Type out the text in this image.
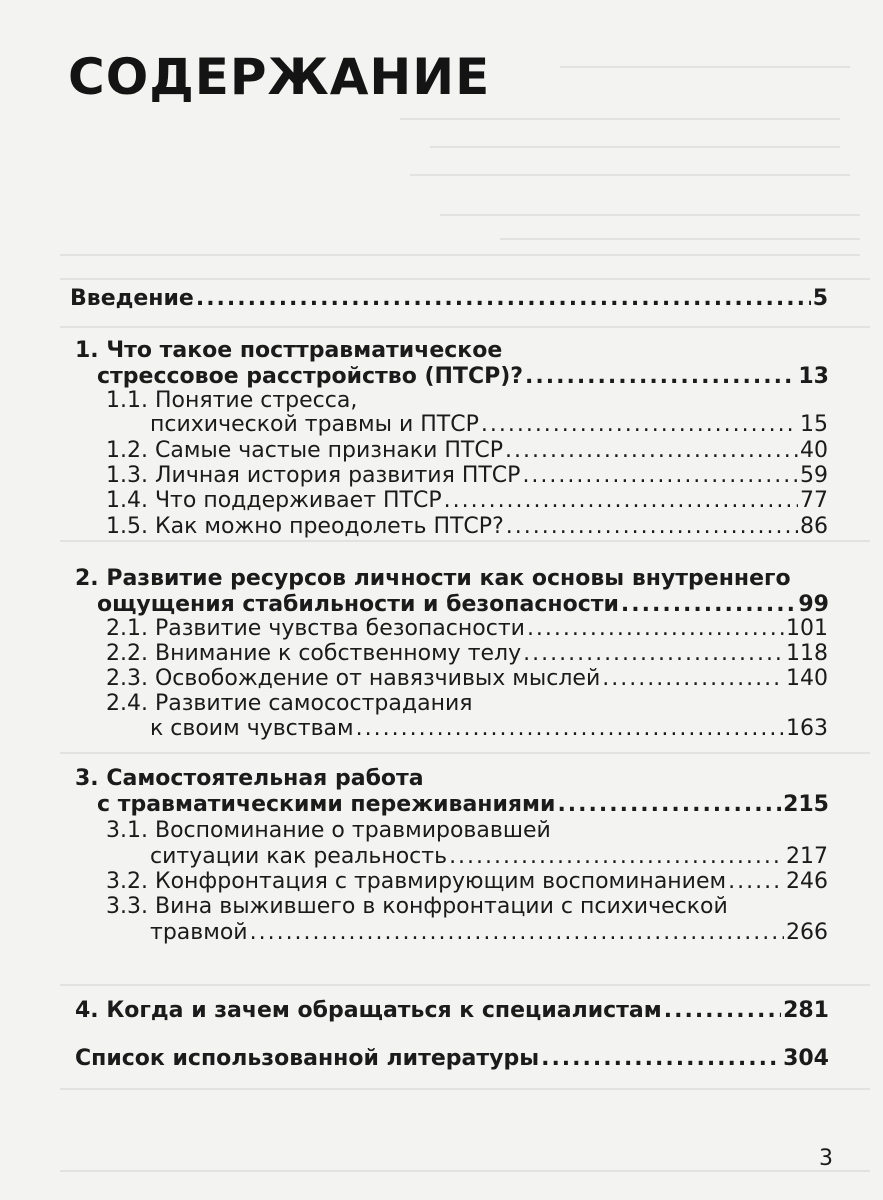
СОДЕРЖАНИЕ
Введение .....	5
1. Что такое посттравматическое
стрессовое расстройство (ПТСР)? .....	13
1.1. Понятие стресса,
психической травмы и ПТСР .....	15
1.2. Самые частые признаки ПТСР .....	40
1.3. Личная история развития ПТСР .....	59
1.4. Что поддерживает ПТСР .....	77
1.5. Как можно преодолеть ПТСР? .....	86
2. Развитие ресурсов личности как основы внутреннего
ощущения стабильности и безопасности .....	99
2.1. Развитие чувства безопасности .....	101
2.2. Внимание к собственному телу .....	118
2.3. Освобождение от навязчивых мыслей .....	140
2.4. Развитие самосострадания
к своим чувствам .....	163
3. Самостоятельная работа
с травматическими переживаниями .....	215
3.1. Воспоминание о травмировавшей
ситуации как реальность .....	217
3.2. Конфронтация с травмирующим воспоминанием .....	246
3.3. Вина выжившего в конфронтации с психической
травмой .....	266
4. Когда и зачем обращаться к специалистам .....	281
Список использованной литературы .....	304
3
